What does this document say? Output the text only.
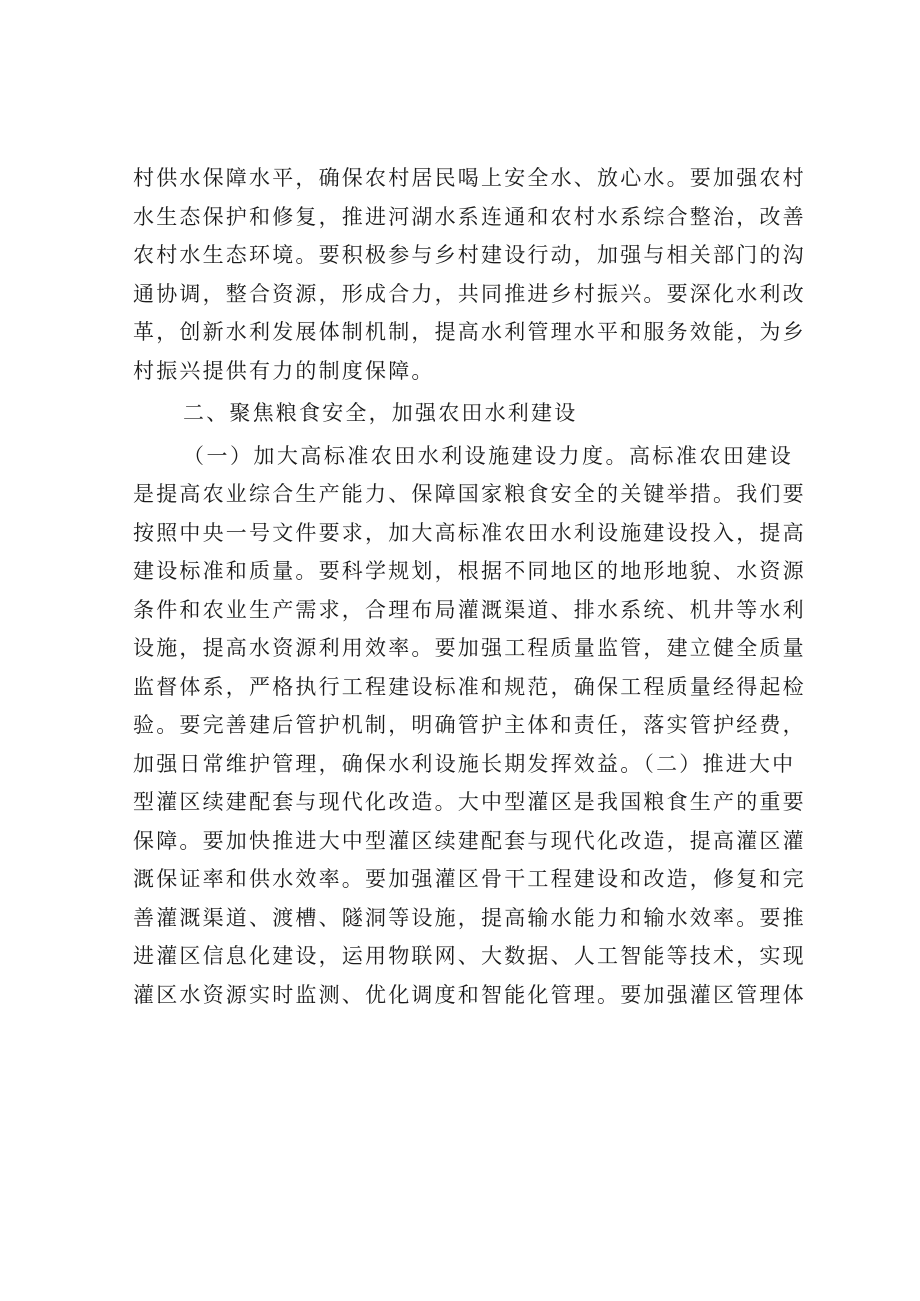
村供水保障水平，确保农村居民喝上安全水、放心水。要加强农村
水生态保护和修复，推进河湖水系连通和农村水系综合整治，改善
农村水生态环境。要积极参与乡村建设行动，加强与相关部门的沟
通协调，整合资源，形成合力，共同推进乡村振兴。要深化水利改
革，创新水利发展体制机制，提高水利管理水平和服务效能，为乡
村振兴提供有力的制度保障。
二、聚焦粮食安全，加强农田水利建设
（一）加大高标准农田水利设施建设力度。高标准农田建设
是提高农业综合生产能力、保障国家粮食安全的关键举措。我们要
按照中央一号文件要求，加大高标准农田水利设施建设投入，提高
建设标准和质量。要科学规划，根据不同地区的地形地貌、水资源
条件和农业生产需求，合理布局灌溉渠道、排水系统、机井等水利
设施，提高水资源利用效率。要加强工程质量监管，建立健全质量
监督体系，严格执行工程建设标准和规范，确保工程质量经得起检
验。要完善建后管护机制，明确管护主体和责任，落实管护经费，
加强日常维护管理，确保水利设施长期发挥效益。（二）推进大中
型灌区续建配套与现代化改造。大中型灌区是我国粮食生产的重要
保障。要加快推进大中型灌区续建配套与现代化改造，提高灌区灌
溉保证率和供水效率。要加强灌区骨干工程建设和改造，修复和完
善灌溉渠道、渡槽、隧洞等设施，提高输水能力和输水效率。要推
进灌区信息化建设，运用物联网、大数据、人工智能等技术，实现
灌区水资源实时监测、优化调度和智能化管理。要加强灌区管理体
